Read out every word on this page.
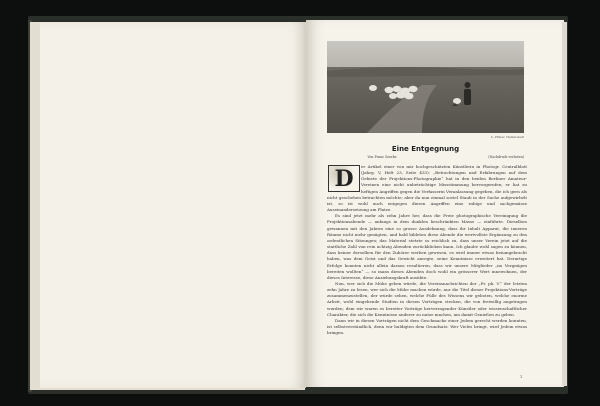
A. Pfister, Hallenstadt
Eine Entgegnung
Von Franz Goerke	(Nachdruck verboten)

er Artikel einer von mir hochgeschätzten Künstlerin in Photogr. Centralblatt (Jahrg. V, Heft 23, Seite 433): „Betrachtungen und Erfahrungen auf dem Gebiete der Projektions-Photographie“ hat in den beiden Berliner Amateur-Vereinen eine nicht unbeträchtige Missstimmung hervorgerufen; er hat zu heftigen Angriffen gegen die Verfasserin Veranlassung gegeben, die ich gern als nicht geschehen betrachten möchte; aber da nun einmal soviel Staub in der Sache aufgewirbelt ist, so ist wohl auch entgegen diesen Angriffen eine ruhige und sachgemässe Auseinandersetzung am Platze.

Es sind jetzt mehr als zehn Jahre her, dass die Freie photographische Vereinigung die Projektionsabende — anfangs in dem dunklen beschränkten Masse — einführte. Dieselben gewannen mit den Jahren eine so grosse Ausdehnung, dass ihr Inhalt Apparat, die inneren Räume nicht mehr genügten, und bald bildeten diese Abende die wertvollste Ergänzung zu den ordentlichen Sitzungen; das Material stetzte so reichlich zu, dass unser Verein jetzt auf die stattliche Zahl von rein achtzig Abenden zurückblicken kann. Ich glaube wohl sagen zu können, dass keiner derselben für den Zuhörer werben gewesen, es wird immer etwas beiumgebracht haben, was dem Geist und das Gewicht anregte, seine Kenntnisse erweitert hat. Derartige Erfolge konnten nicht allein daraus resultieren, dass wir unsere Mitglieder „im Vergnügen bereiten wollten“ — so mans dieses Abenden doch wohl ein grösserer Wert innewohnen, der dieses Interesse, diese Anziehungskraft ausübte.

Nun, wer sich die Mühe geben würde, die Vereinsnachrichten der „Fr. ph. V.“ der letzten zehn Jahre zu lesen, wer sich die Mühe machen würde, nur die Titel dieser Projektions-Vorträge zusammenzustellen, der würde sehen, welche Fülle des Wissens wir geboten, welche enorme Arbeit, wohl eingehende Studien in diesen Vorträgen stecken, die von freiwillig angetragen wurden; dem wir waren es bereiter Vorträge herverragender Künstler oder wissenschaftlicher Charakter, die sich die Kenntnisse anderer zu nutze machen, um damit Genießen zu geben.

Dann wir in diesen Vorträgen nicht dem Geschmacke einer Jedem gerecht werden konnten, ist selbstverständlich, denn wir huldigten dem Grundsatz: Wer Vieles bringt, wird Jedem etwas bringen.

D
1
